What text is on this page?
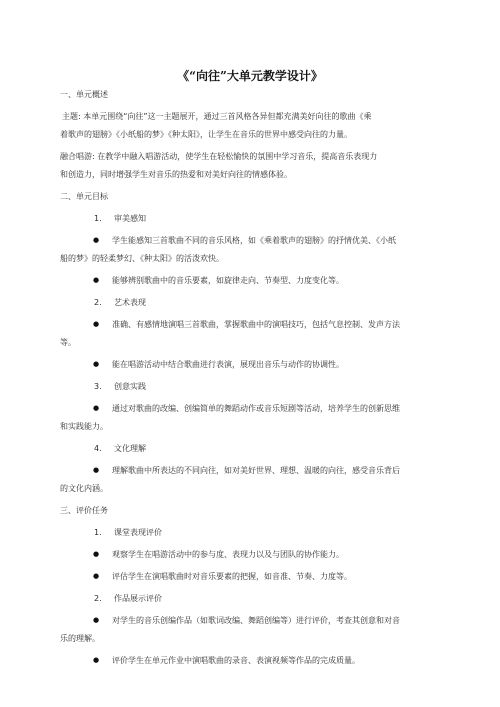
《“向往”大单元教学设计》
一、单元概述
主题: 本单元围绕“向往”这一主题展开，通过三首风格各异但都充满美好向往的歌曲《乘
着歌声的翅膀》《小纸船的梦》《种太阳》，让学生在音乐的世界中感受向往的力量。
融合唱游: 在教学中融入唱游活动，使学生在轻松愉快的氛围中学习音乐，提高音乐表现力
和创造力，同时增强学生对音乐的热爱和对美好向往的情感体验。
二、单元目标
1. 审美感知
● 学生能感知三首歌曲不同的音乐风格，如《乘着歌声的翅膀》的抒情优美、《小纸
船的梦》的轻柔梦幻、《种太阳》的活泼欢快。
● 能够辨别歌曲中的音乐要素，如旋律走向、节奏型、力度变化等。
2. 艺术表现
● 准确、有感情地演唱三首歌曲，掌握歌曲中的演唱技巧，包括气息控制、发声方法
等。
● 能在唱游活动中结合歌曲进行表演，展现出音乐与动作的协调性。
3. 创意实践
● 通过对歌曲的改编、创编简单的舞蹈动作或音乐短剧等活动，培养学生的创新思维
和实践能力。
4. 文化理解
● 理解歌曲中所表达的不同向往，如对美好世界、理想、温暖的向往，感受音乐背后
的文化内涵。
三、评价任务
1. 课堂表现评价
● 观察学生在唱游活动中的参与度、表现力以及与团队的协作能力。
● 评估学生在演唱歌曲时对音乐要素的把握，如音准、节奏、力度等。
2. 作品展示评价
● 对学生的音乐创编作品（如歌词改编、舞蹈创编等）进行评价，考查其创意和对音
乐的理解。
● 评价学生在单元作业中演唱歌曲的录音、表演视频等作品的完成质量。
